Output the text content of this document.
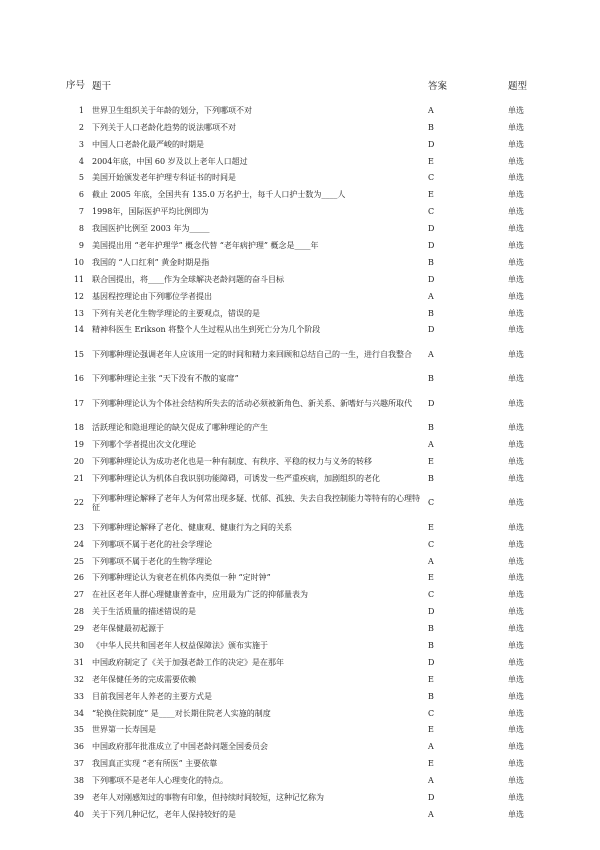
序号	题干	答案	题型
1	世界卫生组织关于年龄的划分，下列哪项不对	A	单选
2	下列关于人口老龄化趋势的说法哪项不对	B	单选
3	中国人口老龄化最严峻的时期是	D	单选
4	2004年底，中国 60 岁及以上老年人口超过	E	单选
5	美国开始颁发老年护理专科证书的时间是	C	单选
6	截止 2005 年底，全国共有 135.0 万名护士，每千人口护士数为____人	E	单选
7	1998年，国际医护平均比例即为	C	单选
8	我国医护比例至 2003 年为_____	D	单选
9	美国提出用 “老年护理学” 概念代替 “老年病护理” 概念是____年	D	单选
10	我国的 “人口红利” 黄金时期是指	B	单选
11	联合国提出，将____作为全球解决老龄问题的奋斗目标	D	单选
12	基因程控理论由下列哪位学者提出	A	单选
13	下列有关老化生物学理论的主要观点，错误的是	B	单选
14	精神科医生 Erikson 将整个人生过程从出生到死亡分为几个阶段	D	单选
15	下列哪种理论强调老年人应该用一定的时间和精力来回顾和总结自己的一生，进行自我整合	A	单选
16	下列哪种理论主张 “天下没有不散的宴席”	B	单选
17	下列哪种理论认为个体社会结构所失去的活动必须被新角色、新关系、新嗜好与兴趣所取代	D	单选
18	活跃理论和隐退理论的缺欠促成了哪种理论的产生	B	单选
19	下列哪个学者提出次文化理论	A	单选
20	下列哪种理论认为成功老化也是一种有制度、有秩序、平稳的权力与义务的转移	E	单选
21	下列哪种理论认为机体自我识别功能障碍，可诱发一些严重疾病，加剧组织的老化	B	单选
22	下列哪种理论解释了老年人为何常出现多疑、忧郁、孤独、失去自我控制能力等特有的心理特征	C	单选
23	下列哪种理论解释了老化、健康观、健康行为之间的关系	E	单选
24	下列哪项不属于老化的社会学理论	C	单选
25	下列哪项不属于老化的生物学理论	A	单选
26	下列哪种理论认为衰老在机体内类似一种 “定时钟”	E	单选
27	在社区老年人群心理健康普查中，应用最为广泛的抑郁量表为	C	单选
28	关于生活质量的描述错误的是	D	单选
29	老年保健最初起源于	B	单选
30	《中华人民共和国老年人权益保障法》颁布实施于	B	单选
31	中国政府制定了《关于加强老龄工作的决定》是在那年	D	单选
32	老年保健任务的完成需要依赖	E	单选
33	目前我国老年人养老的主要方式是	B	单选
34	“轮换住院制度” 是____对长期住院老人实施的制度	C	单选
35	世界第一长寿国是	E	单选
36	中国政府那年批准成立了中国老龄问题全国委员会	A	单选
37	我国真正实现 “老有所医” 主要依靠	E	单选
38	下列哪项不是老年人心理变化的特点。	A	单选
39	老年人对刚感知过的事物有印象，但持续时间较短，这种记忆称为	D	单选
40	关于下列几种记忆，老年人保持较好的是	A	单选
